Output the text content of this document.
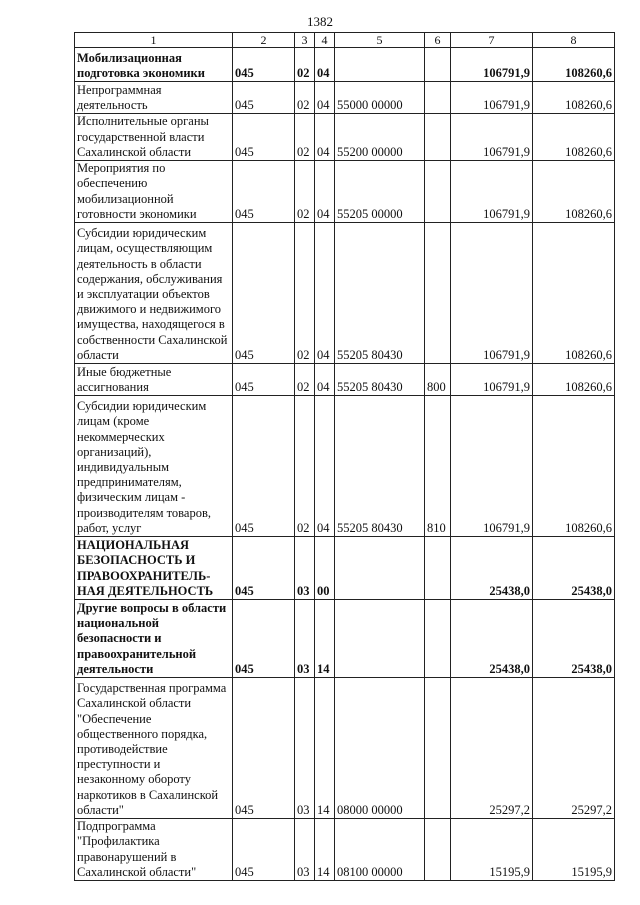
1382
1	2	3	4	5	6	7	8
Мобилизационная подготовка экономики	045	02	04			106791,9	108260,6
Непрограммная деятельность	045	02	04	55000 00000		106791,9	108260,6
Исполнительные органы государственной власти Сахалинской области	045	02	04	55200 00000		106791,9	108260,6
Мероприятия по обеспечению мобилизационной готовности экономики	045	02	04	55205 00000		106791,9	108260,6
Субсидии юридическим лицам, осуществляющим деятельность в области содержания, обслуживания и эксплуатации объектов движимого и недвижимого имущества, находящегося в собственности Сахалинской области	045	02	04	55205 80430		106791,9	108260,6
Иные бюджетные ассигнования	045	02	04	55205 80430	800	106791,9	108260,6
Субсидии юридическим лицам (кроме некоммерческих организаций), индивидуальным предпринимателям, физическим лицам - производителям товаров, работ, услуг	045	02	04	55205 80430	810	106791,9	108260,6
НАЦИОНАЛЬНАЯ БЕЗОПАСНОСТЬ И ПРАВООХРАНИТЕЛЬ-НАЯ ДЕЯТЕЛЬНОСТЬ	045	03	00			25438,0	25438,0
Другие вопросы в области национальной безопасности и правоохранительной деятельности	045	03	14			25438,0	25438,0
Государственная программа Сахалинской области "Обеспечение общественного порядка, противодействие преступности и незаконному обороту наркотиков в Сахалинской области"	045	03	14	08000 00000		25297,2	25297,2
Подпрограмма "Профилактика правонарушений в Сахалинской области"	045	03	14	08100 00000		15195,9	15195,9
